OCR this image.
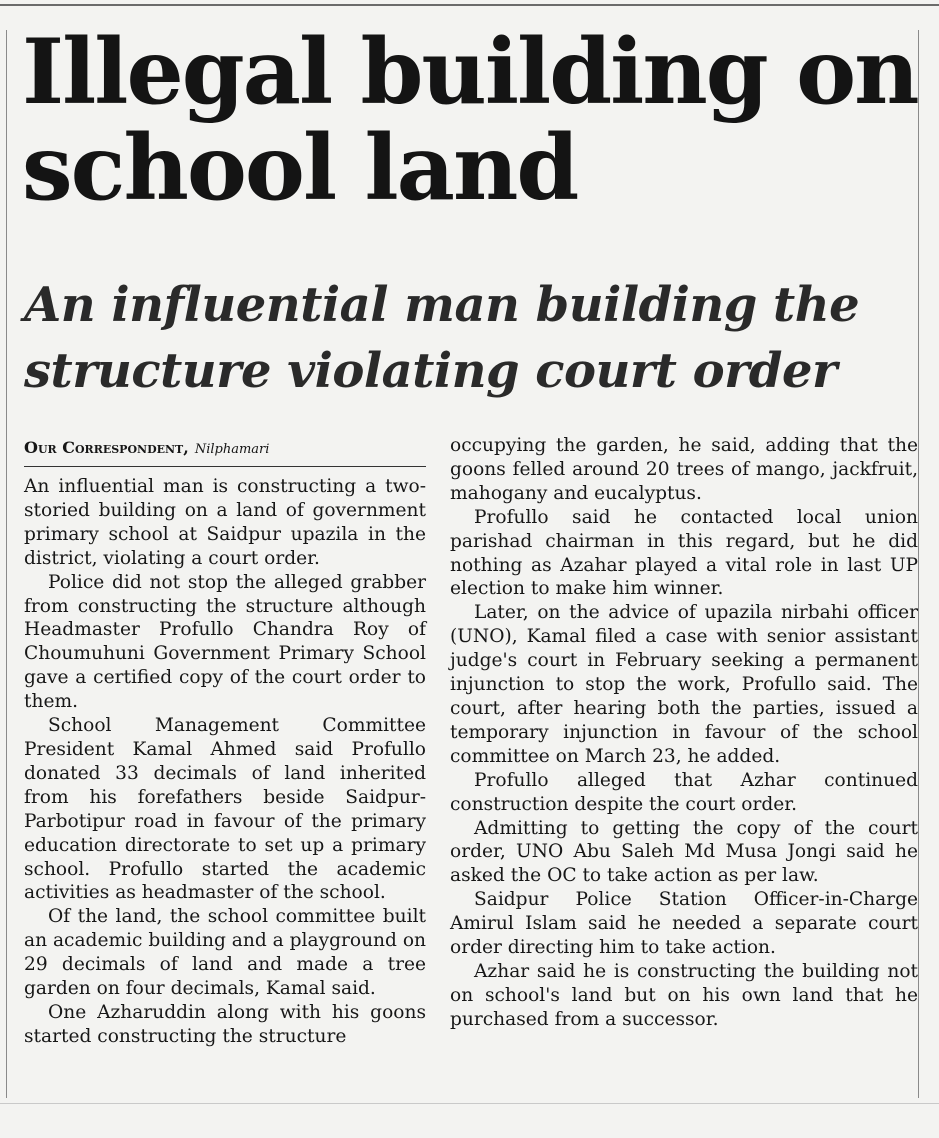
Illegal building on
school land
An influential man building the
structure violating court order
Our Correspondent, Nilphamari

An influential man is constructing a two-storied building on a land of government primary school at Saidpur upazila in the district, violating a court order.

Police did not stop the alleged grabber from constructing the structure although Headmaster Profullo Chandra Roy of Choumuhuni Government Primary School gave a certified copy of the court order to them.

School Management Committee President Kamal Ahmed said Profullo donated 33 decimals of land inherited from his forefathers beside Saidpur-Parbotipur road in favour of the primary education directorate to set up a primary school. Profullo started the academic activities as headmaster of the school.

Of the land, the school committee built an academic building and a playground on 29 decimals of land and made a tree garden on four decimals, Kamal said.

One Azharuddin along with his goons started constructing the structure

occupying the garden, he said, adding that the goons felled around 20 trees of mango, jackfruit, mahogany and eucalyptus.

Profullo said he contacted local union parishad chairman in this regard, but he did nothing as Azahar played a vital role in last UP election to make him winner.

Later, on the advice of upazila nirbahi officer (UNO), Kamal filed a case with senior assistant judge's court in February seeking a permanent injunction to stop the work, Profullo said. The court, after hearing both the parties, issued a temporary injunction in favour of the school committee on March 23, he added.

Profullo alleged that Azhar continued construction despite the court order.

Admitting to getting the copy of the court order, UNO Abu Saleh Md Musa Jongi said he asked the OC to take action as per law.

Saidpur Police Station Officer-in-Charge Amirul Islam said he needed a separate court order directing him to take action.

Azhar said he is constructing the building not on school's land but on his own land that he purchased from a successor.
